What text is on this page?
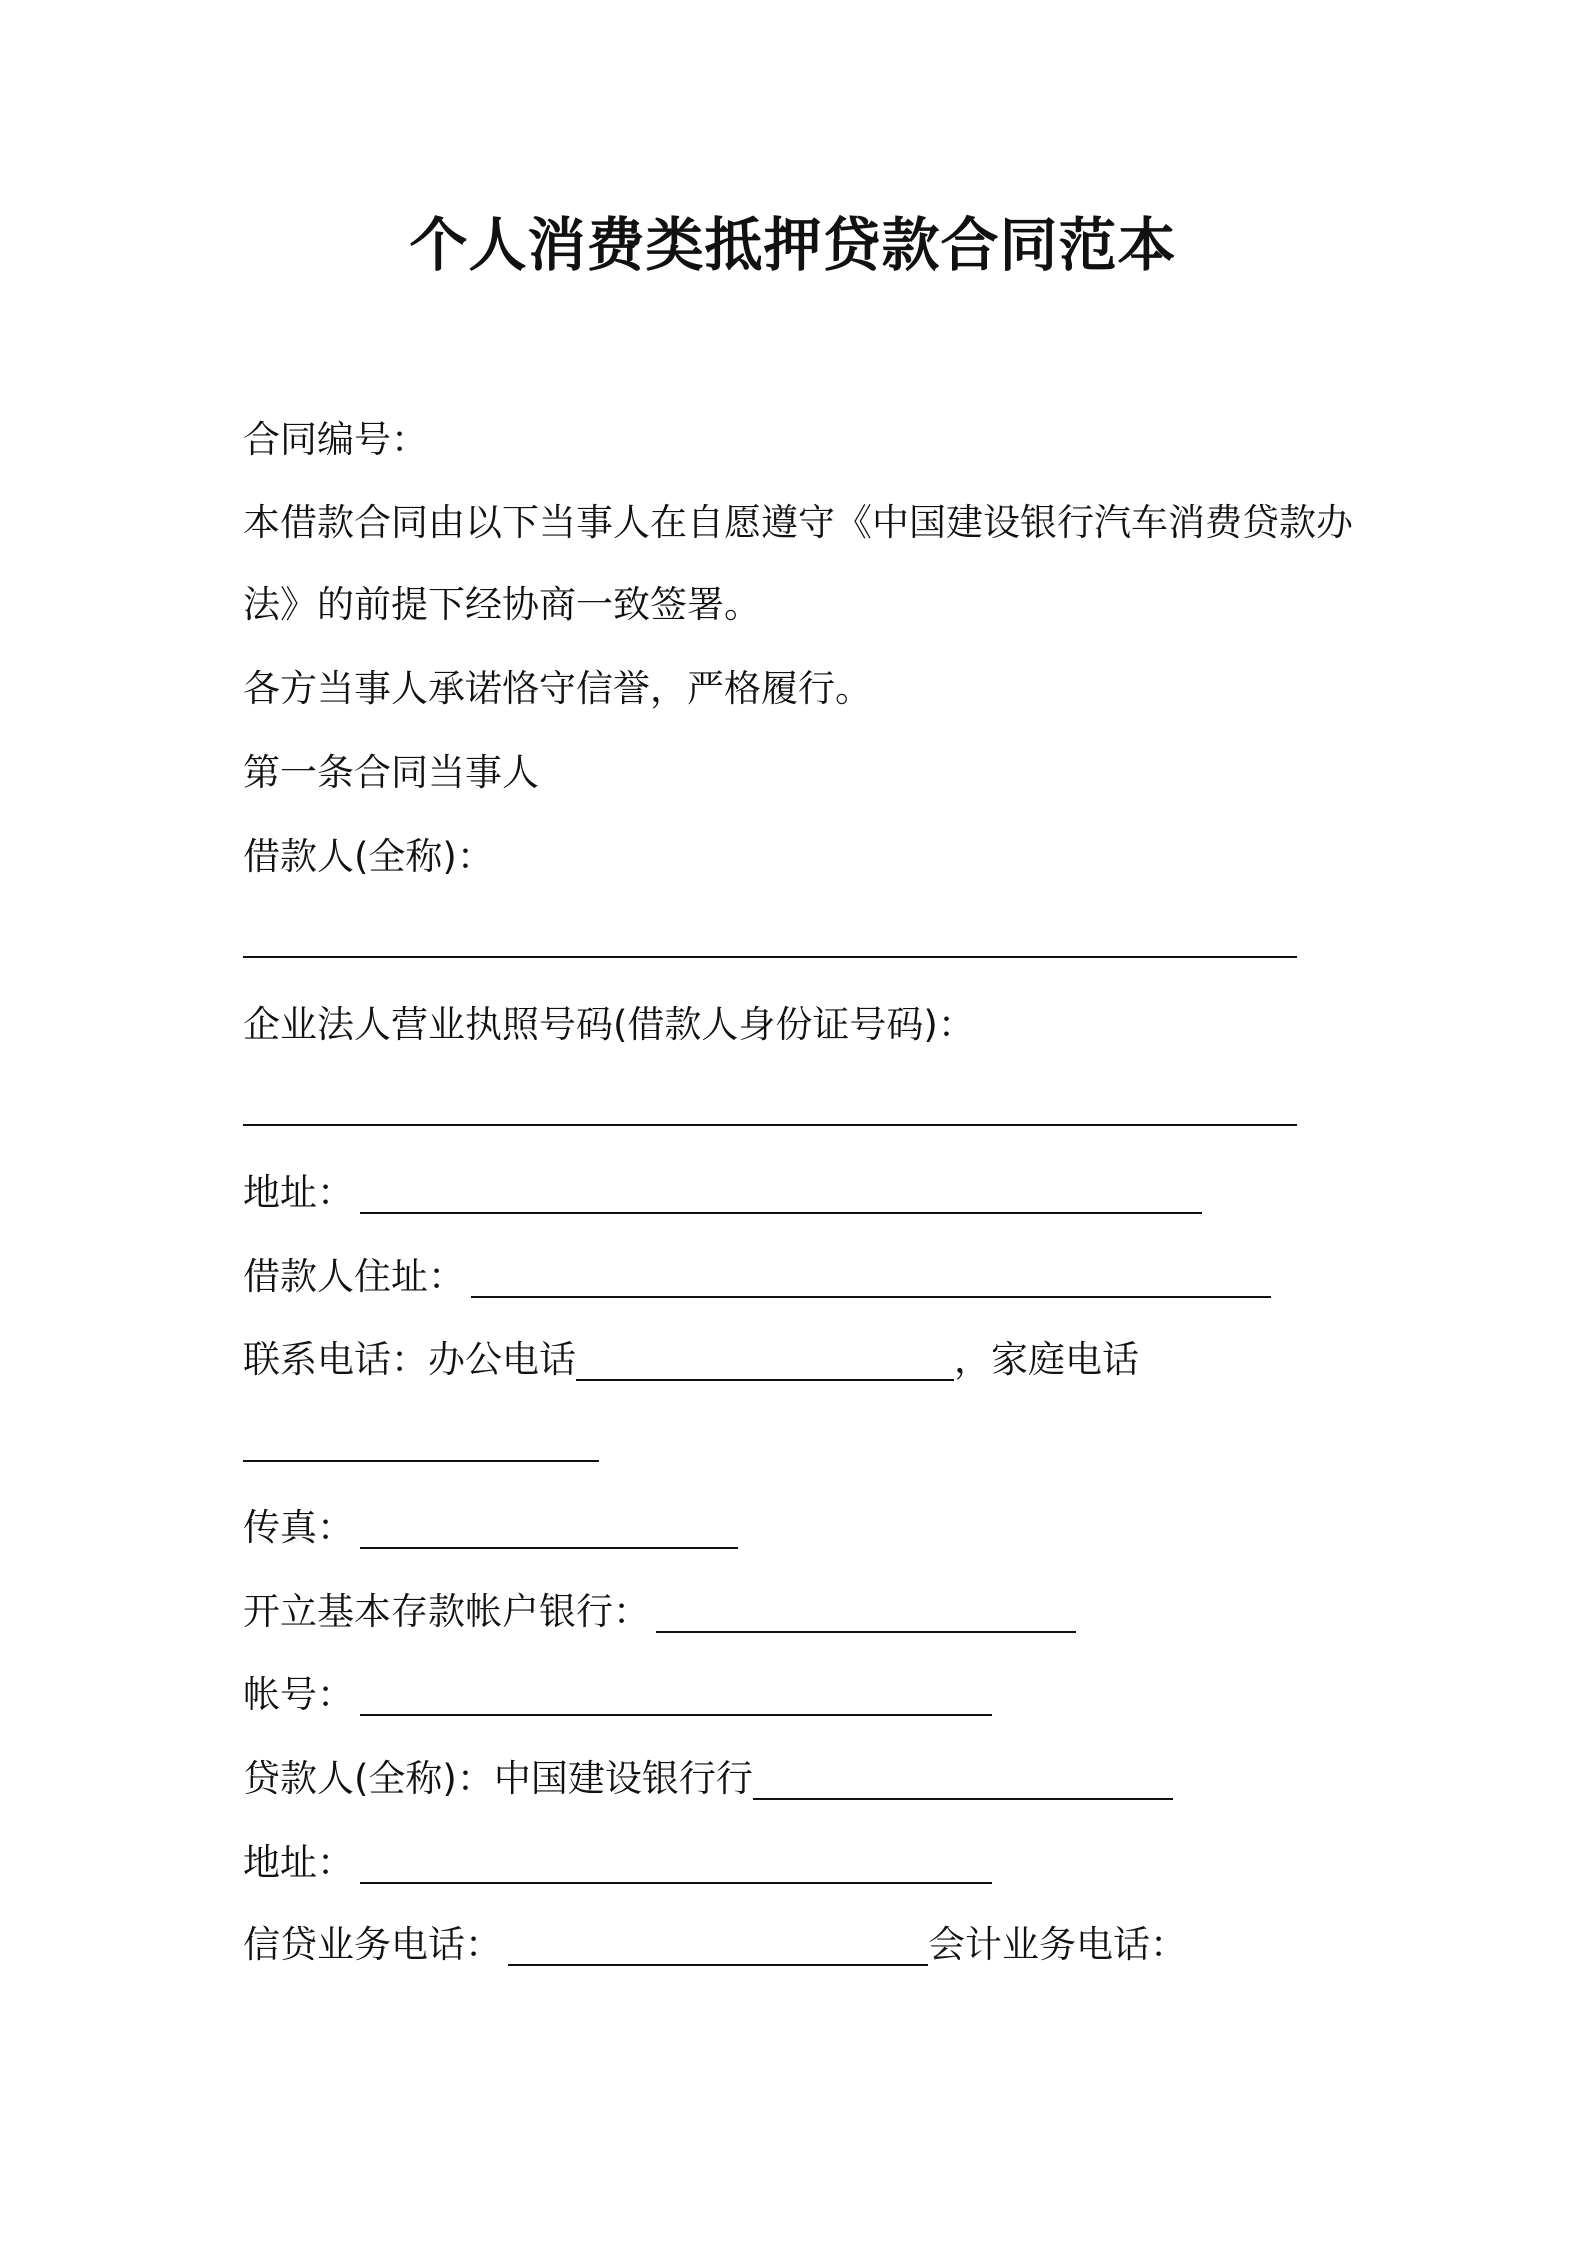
个人消费类抵押贷款合同范本
合同编号：
本借款合同由以下当事人在自愿遵守《中国建设银行汽车消费贷款办
法》的前提下经协商一致签署。
各方当事人承诺恪守信誉，严格履行。
第一条合同当事人
借款人(全称)：
企业法人营业执照号码(借款人身份证号码)：
地址：
借款人住址：
联系电话：办公电话	，家庭电话
传真：
开立基本存款帐户银行：
帐号：
贷款人(全称)：中国建设银行行
地址：
信贷业务电话：	会计业务电话：
